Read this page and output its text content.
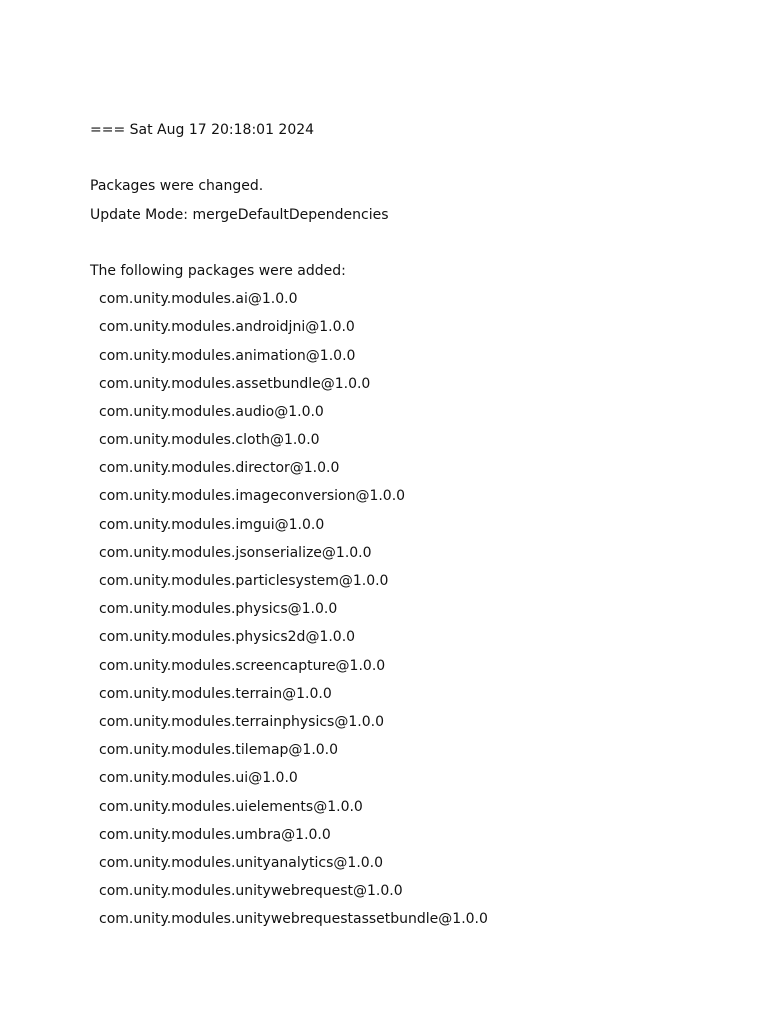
=== Sat Aug 17 20:18:01 2024
Packages were changed.
Update Mode: mergeDefaultDependencies
The following packages were added:
com.unity.modules.ai@1.0.0
com.unity.modules.androidjni@1.0.0
com.unity.modules.animation@1.0.0
com.unity.modules.assetbundle@1.0.0
com.unity.modules.audio@1.0.0
com.unity.modules.cloth@1.0.0
com.unity.modules.director@1.0.0
com.unity.modules.imageconversion@1.0.0
com.unity.modules.imgui@1.0.0
com.unity.modules.jsonserialize@1.0.0
com.unity.modules.particlesystem@1.0.0
com.unity.modules.physics@1.0.0
com.unity.modules.physics2d@1.0.0
com.unity.modules.screencapture@1.0.0
com.unity.modules.terrain@1.0.0
com.unity.modules.terrainphysics@1.0.0
com.unity.modules.tilemap@1.0.0
com.unity.modules.ui@1.0.0
com.unity.modules.uielements@1.0.0
com.unity.modules.umbra@1.0.0
com.unity.modules.unityanalytics@1.0.0
com.unity.modules.unitywebrequest@1.0.0
com.unity.modules.unitywebrequestassetbundle@1.0.0
